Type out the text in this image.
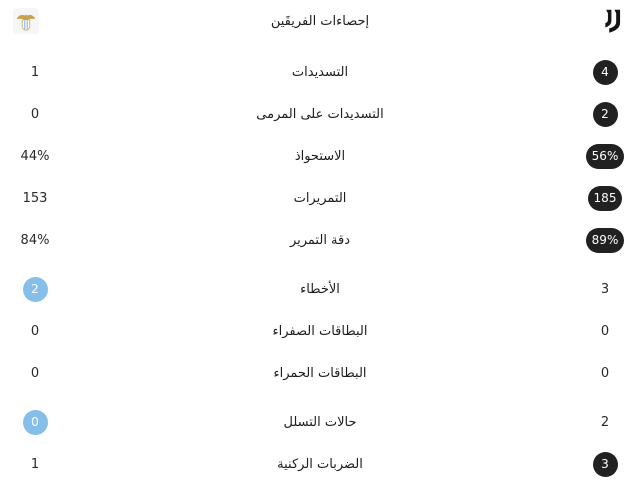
إحصاءات الفريقَين
4
التسديدات
1
2
التسديدات على المرمى
0
56%
الاستحواذ
44%
185
التمريرات
153
89%
دقة التمرير
84%
3
الأخطاء
2
0
البطاقات الصفراء
0
0
البطاقات الحمراء
0
2
حالات التسلل
0
3
الضربات الركنية
1
